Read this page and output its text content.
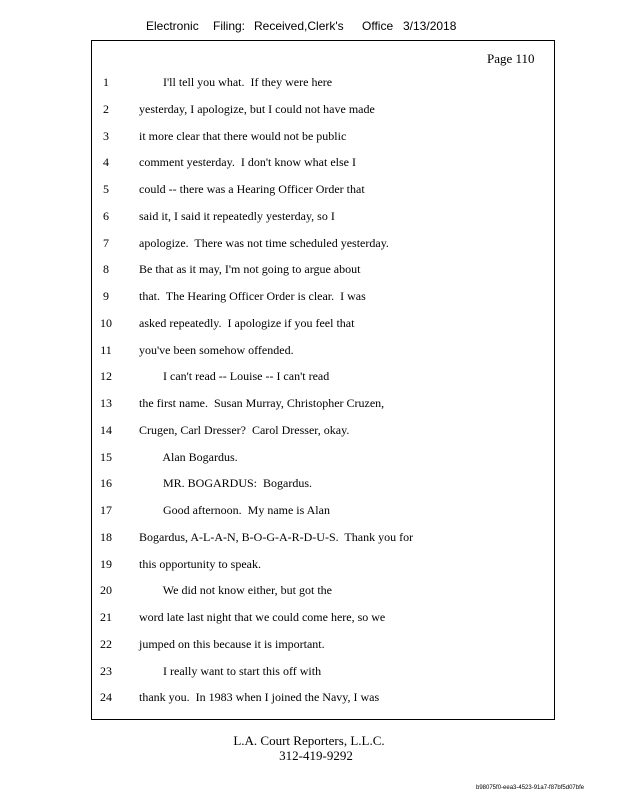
Electronic Filing: Received,Clerk's Office 3/13/2018
Page 110
1	I'll tell you what.  If they were here
2	yesterday, I apologize, but I could not have made
3	it more clear that there would not be public
4	comment yesterday.  I don't know what else I
5	could -- there was a Hearing Officer Order that
6	said it, I said it repeatedly yesterday, so I
7	apologize.  There was not time scheduled yesterday.
8	Be that as it may, I'm not going to argue about
9	that.  The Hearing Officer Order is clear.  I was
10	asked repeatedly.  I apologize if you feel that
11	you've been somehow offended.
12	I can't read -- Louise -- I can't read
13	the first name.  Susan Murray, Christopher Cruzen,
14	Crugen, Carl Dresser?  Carol Dresser, okay.
15	Alan Bogardus.
16	MR. BOGARDUS:  Bogardus.
17	Good afternoon.  My name is Alan
18	Bogardus, A-L-A-N, B-O-G-A-R-D-U-S.  Thank you for
19	this opportunity to speak.
20	We did not know either, but got the
21	word late last night that we could come here, so we
22	jumped on this because it is important.
23	I really want to start this off with
24	thank you.  In 1983 when I joined the Navy, I was
L.A. Court Reporters, L.L.C.
312-419-9292
b98075f0-eea3-4523-91a7-f87bf5d07bfe
